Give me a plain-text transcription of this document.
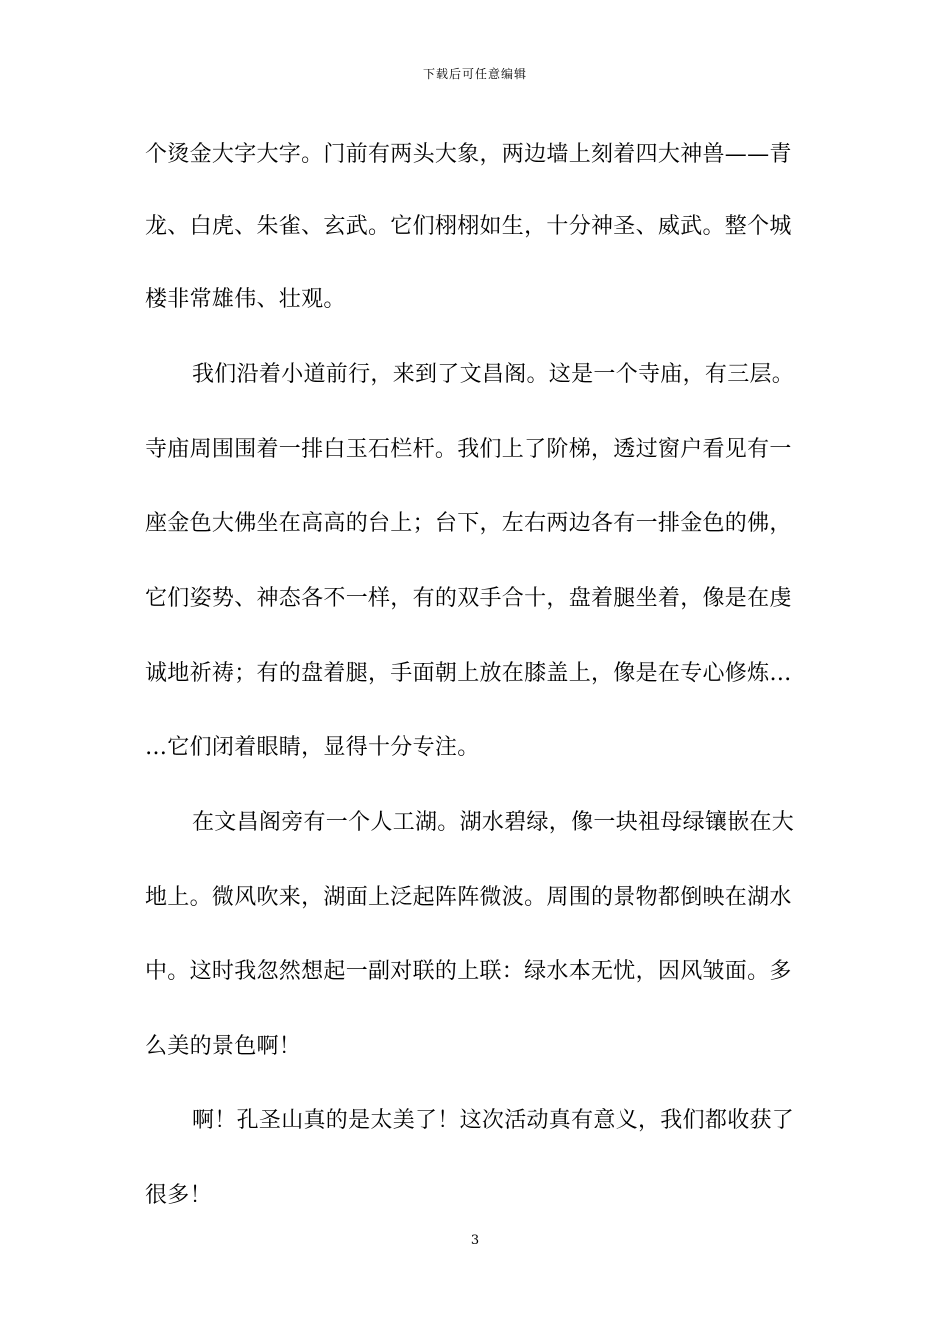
下载后可任意编辑
个烫金大字大字。门前有两头大象，两边墙上刻着四大神兽——青
龙、白虎、朱雀、玄武。它们栩栩如生，十分神圣、威武。整个城
楼非常雄伟、壮观。
我们沿着小道前行，来到了文昌阁。这是一个寺庙，有三层。
寺庙周围围着一排白玉石栏杆。我们上了阶梯，透过窗户看见有一
座金色大佛坐在高高的台上；台下，左右两边各有一排金色的佛，
它们姿势、神态各不一样，有的双手合十，盘着腿坐着，像是在虔
诚地祈祷；有的盘着腿，手面朝上放在膝盖上，像是在专心修炼…
…它们闭着眼睛，显得十分专注。
在文昌阁旁有一个人工湖。湖水碧绿，像一块祖母绿镶嵌在大
地上。微风吹来，湖面上泛起阵阵微波。周围的景物都倒映在湖水
中。这时我忽然想起一副对联的上联：绿水本无忧，因风皱面。多
么美的景色啊！
啊！孔圣山真的是太美了！这次活动真有意义，我们都收获了
很多！
3
